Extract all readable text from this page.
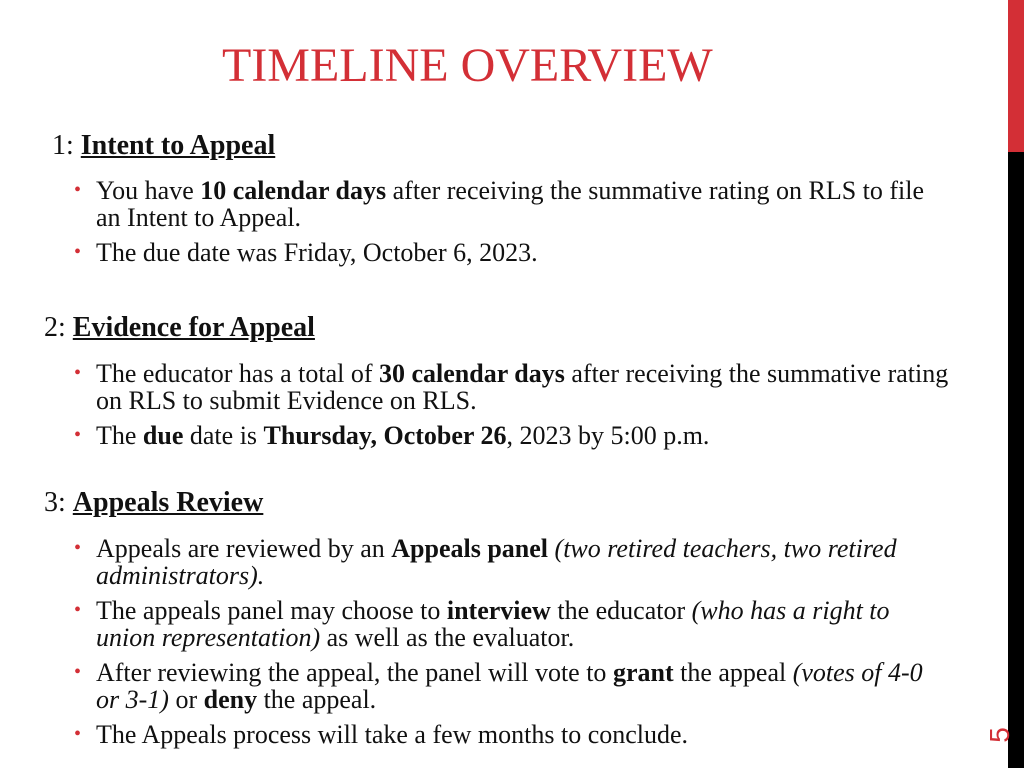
TIMELINE OVERVIEW
1: Intent to Appeal
• You have 10 calendar days after receiving the summative rating on RLS to file an Intent to Appeal.
• The due date was Friday, October 6, 2023.
2: Evidence for Appeal
• The educator has a total of 30 calendar days after receiving the summative rating on RLS to submit Evidence on RLS.
• The due date is Thursday, October 26, 2023 by 5:00 p.m.
3: Appeals Review
• Appeals are reviewed by an Appeals panel (two retired teachers, two retired administrators).
• The appeals panel may choose to interview the educator (who has a right to union representation) as well as the evaluator.
• After reviewing the appeal, the panel will vote to grant the appeal (votes of 4-0 or 3-1) or deny the appeal.
• The Appeals process will take a few months to conclude.	5
